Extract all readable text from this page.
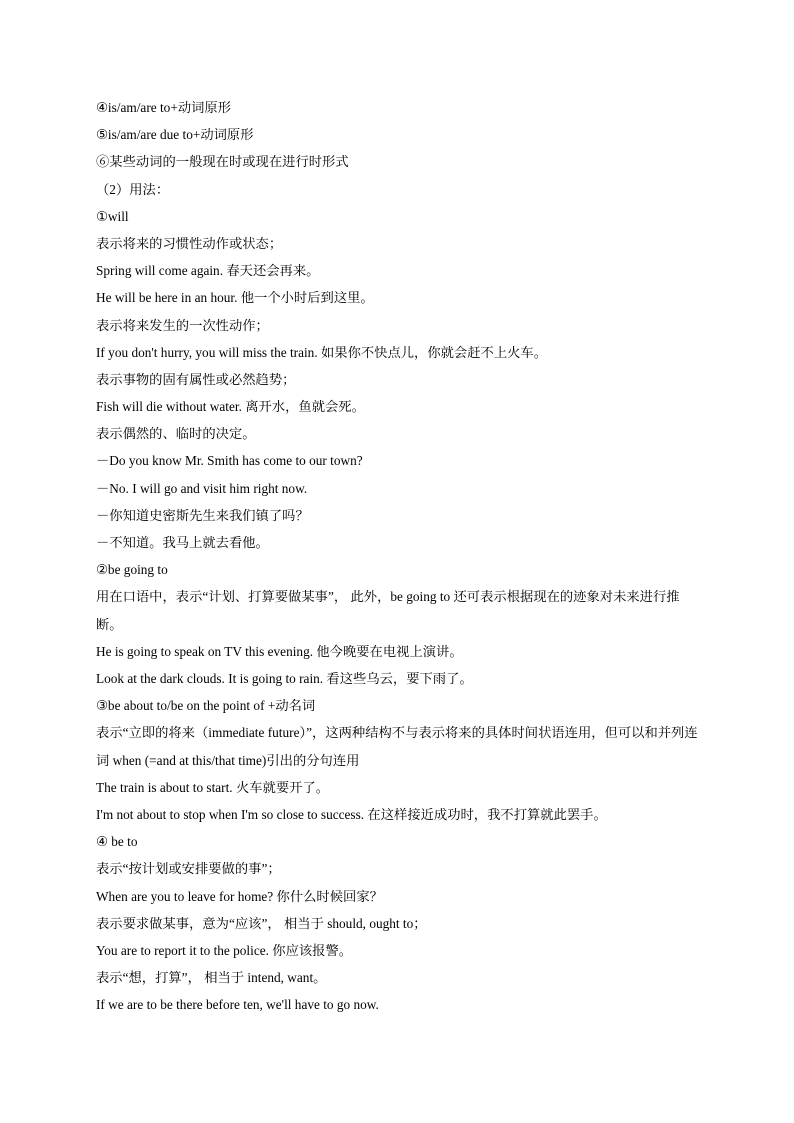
④is/am/are to+动词原形
⑤is/am/are due to+动词原形
⑥某些动词的一般现在时或现在进行时形式
（2）用法：
①will
表示将来的习惯性动作或状态；
Spring will come again. 春天还会再来。
He will be here in an hour. 他一个小时后到这里。
表示将来发生的一次性动作；
If you don't hurry, you will miss the train. 如果你不快点儿，你就会赶不上火车。
表示事物的固有属性或必然趋势；
Fish will die without water. 离开水，鱼就会死。
表示偶然的、临时的决定。
－Do you know Mr. Smith has come to our town?
－No. I will go and visit him right now.
－你知道史密斯先生来我们镇了吗？
－不知道。我马上就去看他。
②be going to
用在口语中，表示“计划、打算要做某事”， 此外，be going to 还可表示根据现在的迹象对未来进行推断。
He is going to speak on TV this evening. 他今晚要在电视上演讲。
Look at the dark clouds. It is going to rain. 看这些乌云，要下雨了。
③be about to/be on the point of +动名词
表示“立即的将来（immediate future）”，这两种结构不与表示将来的具体时间状语连用，但可以和并列连词 when (=and at this/that time)引出的分句连用
The train is about to start. 火车就要开了。
I'm not about to stop when I'm so close to success. 在这样接近成功时，我不打算就此罢手。
④ be to
表示“按计划或安排要做的事”；
When are you to leave for home? 你什么时候回家？
表示要求做某事，意为“应该”， 相当于 should, ought to；
You are to report it to the police. 你应该报警。
表示“想，打算”， 相当于 intend, want。
If we are to be there before ten, we'll have to go now.
